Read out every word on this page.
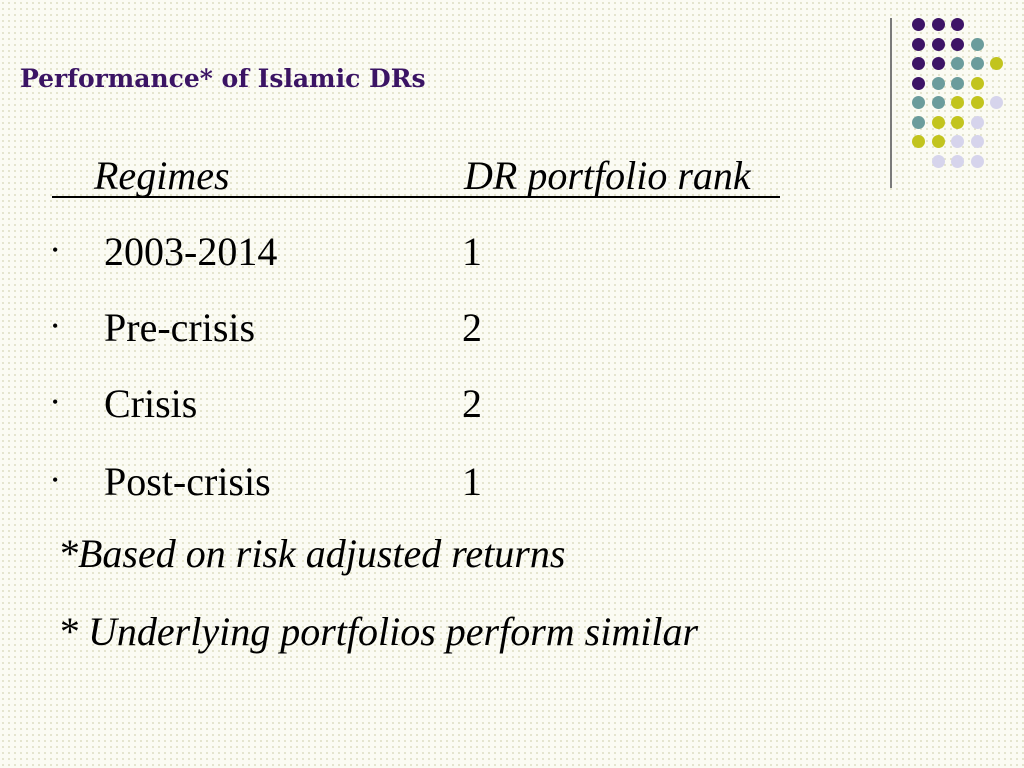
Performance* of Islamic DRs
Regimes	DR portfolio rank
• 2003-2014	1
• Pre-crisis	2
• Crisis	2
• Post-crisis	1
*Based on risk adjusted returns
* Underlying portfolios perform similar
